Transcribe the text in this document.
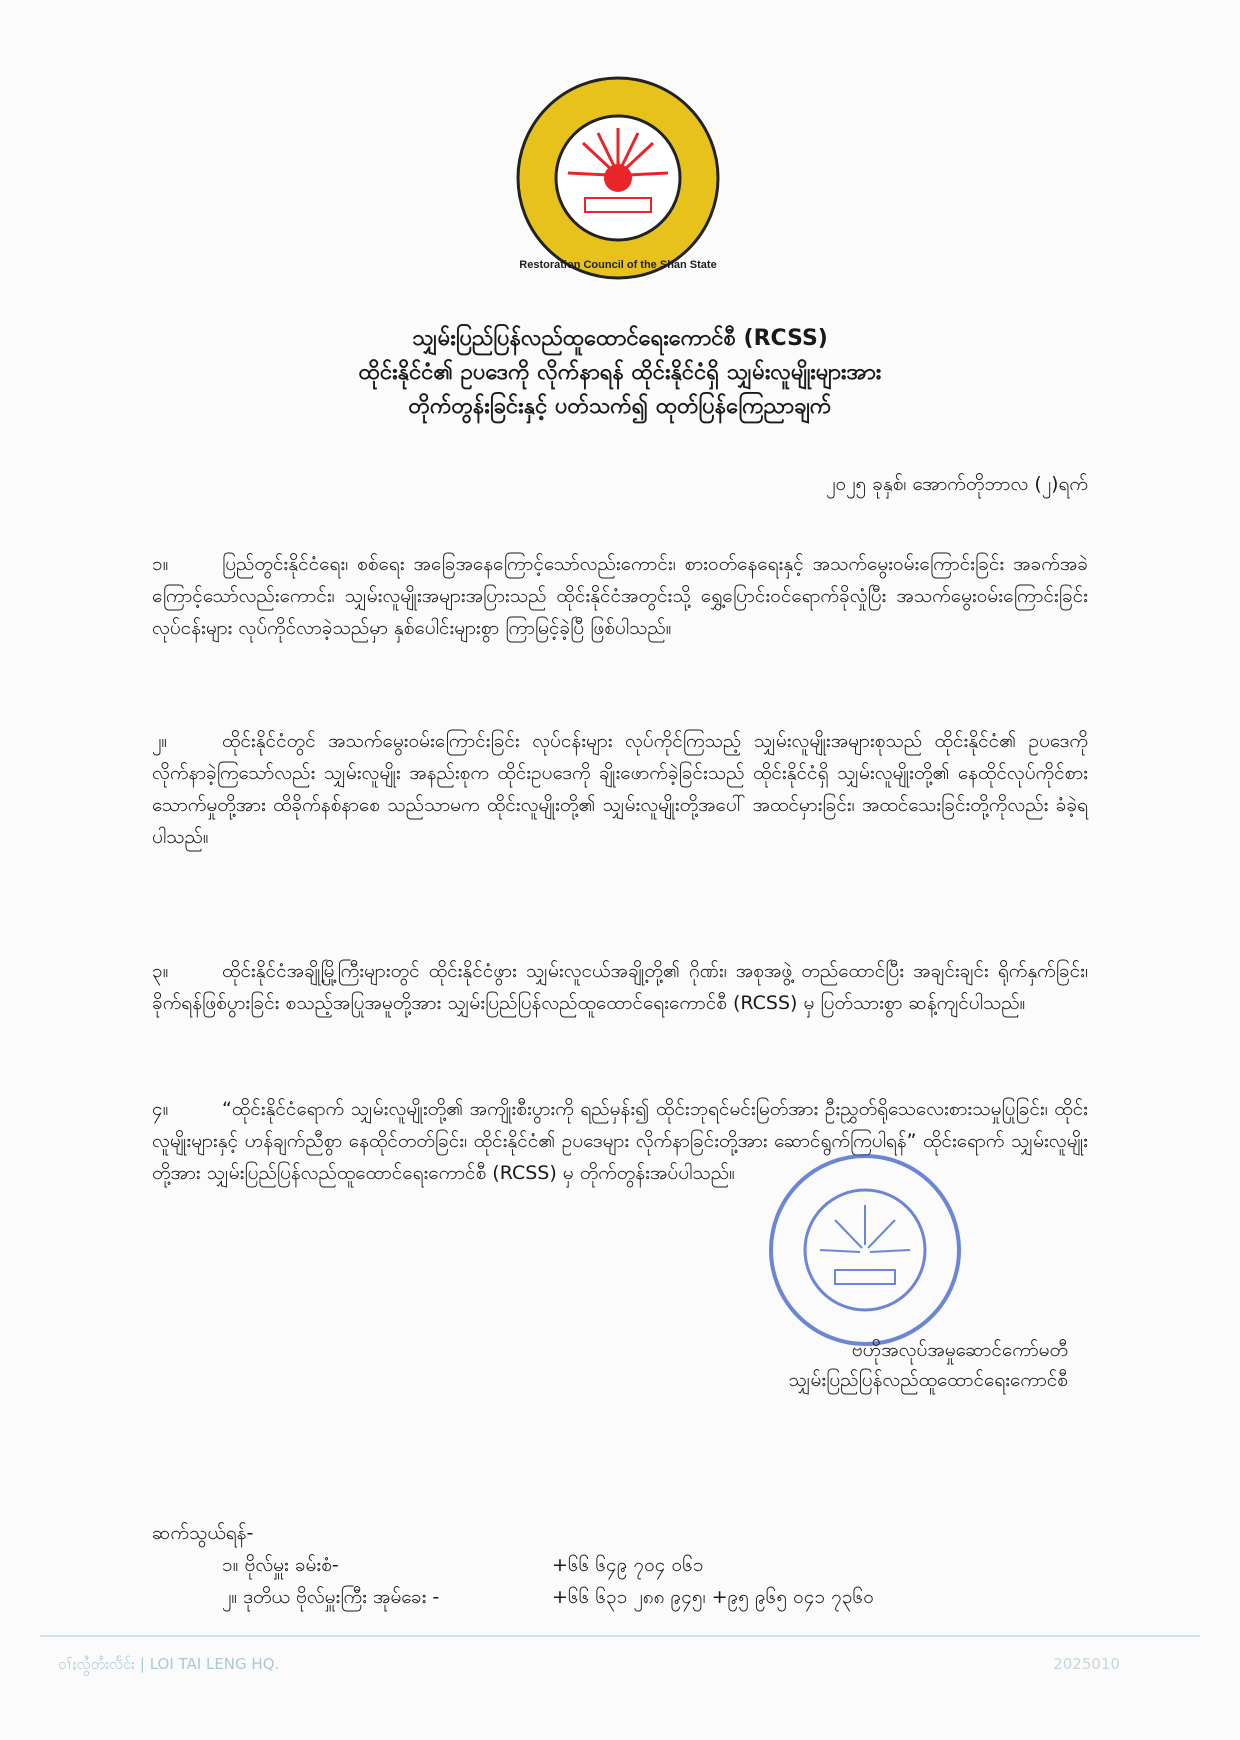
Restoration Council of the Shan State
သျှမ်းပြည်ပြန်လည်ထူထောင်ရေးကောင်စီ (RCSS)
ထိုင်းနိုင်ငံ၏ ဥပဒေကို လိုက်နာရန် ထိုင်းနိုင်ငံရှိ သျှမ်းလူမျိုးများအား
တိုက်တွန်းခြင်းနှင့် ပတ်သက်၍ ထုတ်ပြန်ကြေညာချက်
၂၀၂၅ ခုနှစ်၊ အောက်တိုဘာလ (၂)ရက်
၁။	ပြည်တွင်းနိုင်ငံရေး၊ စစ်ရေး အခြေအနေကြောင့်သော်လည်းကောင်း၊ စားဝတ်နေရေးနှင့် အသက်မွေးဝမ်းကြောင်းခြင်း အခက်အခဲကြောင့်သော်လည်းကောင်း၊ သျှမ်းလူမျိုးအများအပြားသည် ထိုင်းနိုင်ငံအတွင်းသို့ ရွှေ့ပြောင်းဝင်ရောက်ခိုလှုံပြီး အသက်မွေးဝမ်းကြောင်းခြင်း လုပ်ငန်းများ လုပ်ကိုင်လာခဲ့သည်မှာ နှစ်ပေါင်းများစွာ ကြာမြင့်ခဲ့ပြီ ဖြစ်ပါသည်။
၂။	ထိုင်းနိုင်ငံတွင် အသက်မွေးဝမ်းကြောင်းခြင်း လုပ်ငန်းများ လုပ်ကိုင်ကြသည့် သျှမ်းလူမျိုးအများစုသည် ထိုင်းနိုင်ငံ၏ ဥပဒေကို လိုက်နာခဲ့ကြသော်လည်း သျှမ်းလူမျိုး အနည်းစုက ထိုင်းဥပဒေကို ချိုးဖောက်ခဲ့ခြင်းသည် ထိုင်းနိုင်ငံရှိ သျှမ်းလူမျိုးတို့၏ နေထိုင်လုပ်ကိုင်စားသောက်မှုတို့အား ထိခိုက်နစ်နာစေ သည်သာမက ထိုင်းလူမျိုးတို့၏ သျှမ်းလူမျိုးတို့အပေါ် အထင်မှားခြင်း၊ အထင်သေးခြင်းတို့ကိုလည်း ခံခဲ့ရပါသည်။
၃။	ထိုင်းနိုင်ငံအချို့မြို့ကြီးများတွင် ထိုင်းနိုင်ငံဖွား သျှမ်းလူငယ်အချို့တို့၏ ဂိုဏ်း၊ အစုအဖွဲ့ တည်ထောင်ပြီး အချင်းချင်း ရိုက်နှက်ခြင်း၊ ခိုက်ရန်ဖြစ်ပွားခြင်း စသည့်အပြုအမူတို့အား သျှမ်းပြည်ပြန်လည်ထူထောင်ရေးကောင်စီ (RCSS) မှ ပြတ်သားစွာ ဆန့်ကျင်ပါသည်။
၄။	“ထိုင်းနိုင်ငံရောက် သျှမ်းလူမျိုးတို့၏ အကျိုးစီးပွားကို ရည်မှန်း၍ ထိုင်းဘုရင်မင်းမြတ်အား ဦးညွှတ်ရိုသေလေးစားသမှုပြုခြင်း၊ ထိုင်းလူမျိုးများနှင့် ဟန်ချက်ညီစွာ နေထိုင်တတ်ခြင်း၊ ထိုင်းနိုင်ငံ၏ ဥပဒေများ လိုက်နာခြင်းတို့အား ဆောင်ရွက်ကြပါရန်” ထိုင်းရောက် သျှမ်းလူမျိုးတို့အား သျှမ်းပြည်ပြန်လည်ထူထောင်ရေးကောင်စီ (RCSS) မှ တိုက်တွန်းအပ်ပါသည်။
ဗဟိုအလုပ်အမှုဆောင်ကော်မတီ
သျှမ်းပြည်ပြန်လည်ထူထောင်ရေးကောင်စီ
ဆက်သွယ်ရန်-
၁။ ဗိုလ်မှူး ခမ်းစံ-	+၆၆ ၆၄၉ ၇၀၄ ၀၆၁
၂။ ဒုတိယ ဗိုလ်မှူးကြီး အုမ်ခေး -	+၆၆ ၆၃၁ ၂၈၈ ၉၄၅၊ +၉၅ ၉၆၅ ၀၄၁ ၇၃၆၀
ဝၢ်ႈလွႆတႆးလႅင်း | LOI TAI LENG HQ.	2025010
